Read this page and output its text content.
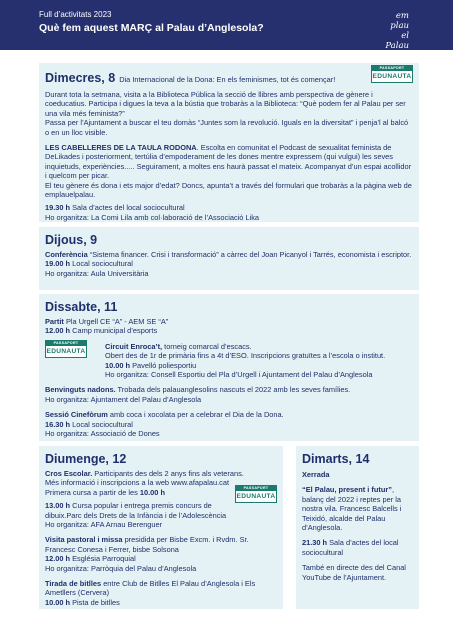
Full d’activitats 2023
Què fem aquest MARÇ al Palau d’Anglesola?
em plau
el Palau
PASSAPORT
EDUNAUTA
Dimecres, 8 Dia Internacional de la Dona: En els feminismes, tot és començar!

Durant tota la setmana, visita a la Biblioteca Pública la secció de llibres amb perspectiva de gènere i coeducatius. Participa i digues la teva a la bústia que trobaràs a la Biblioteca: “Què podem fer al Palau per ser una vila més feminista?”

Passa per l’Ajuntament a buscar el teu domàs “Juntes som la revolució. Iguals en la diversitat” i penja’l al balcó o en un lloc visible.

LES CABELLERES DE LA TAULA RODONA. Escolta en comunitat el Podcast de sexualitat feminista de DeLikades i posteriorment, tertúlia d’empoderament de les dones mentre expressem (qui vulgui) les seves inquietuds, experiències..... Seguirament, a moltes ens haurà passat el mateix. Acompanyat d’un espai acollidor i quelcom per picar.

El teu gènere és dona i ets major d’edat? Doncs, apunta’t a través del formulari que trobaràs a la pàgina web de emplauelpalau.

19.30 h Sala d’actes del local sociocultural

Ho organitza: La Comi Lila amb col·laboració de l’Associació Lika

Dijous, 9

Conferència “Sistema financer. Crisi i transformació” a càrrec del Joan Picanyol i Tarrés, economista i escriptor.

19.00 h Local sociocultural

Ho organitza: Aula Universitària

PASSAPORT
EDUNAUTA
Dissabte, 11

Partit Pla Urgell CE “A” - AEM SE “A”

12.00 h Camp municipal d’esports

Circuit Enroca’t, torneig comarcal d’escacs.

Obert des de 1r de primària fins a 4t d’ESO. Inscripcions gratuïtes a l’escola o institut.

10.00 h Pavelló poliesportiu

Ho organitza: Consell Esportiu del Pla d’Urgell i Ajuntament del Palau d’Anglesola

Benvinguts nadons. Trobada dels palauanglesolins nascuts el 2022 amb les seves famílies.

Ho organitza: Ajuntament del Palau d’Anglesola

Sessió Cinefòrum amb coca i xocolata per a celebrar el Dia de la Dona.

16.30 h Local sociocultural

Ho organitza: Associació de Dones

PASSAPORT
EDUNAUTA
Diumenge, 12

Cros Escolar. Participants des dels 2 anys fins als veterans.

Més informació i inscripcions a la web www.afapalau.cat

Primera cursa a partir de les 10.00 h

13.00 h Cursa popular i entrega premis concurs de dibuix.Parc dels Drets de la Infància i de l’Adolescència

Ho organitza: AFA Arnau Berenguer

Visita pastoral i missa presidida per Bisbe Excm. i Rvdm. Sr. Francesc Conesa i Ferrer, bisbe Solsona

12.00 h Església Parroquial

Ho organitza: Parròquia del Palau d’Anglesola

Tirada de bitlles entre Club de Bitlles El Palau d’Anglesola i Els Ametllers (Cervera)

10.00 h Pista de bitlles

Dimarts, 14

Xerrada

“El Palau, present i futur”, balanç del 2022 i reptes per la nostra vila. Francesc Balcells i Teixidó, alcalde del Palau d’Anglesola.

21.30 h Sala d’actes del local sociocultural

També en directe des del Canal YouTube de l’Ajuntament.
